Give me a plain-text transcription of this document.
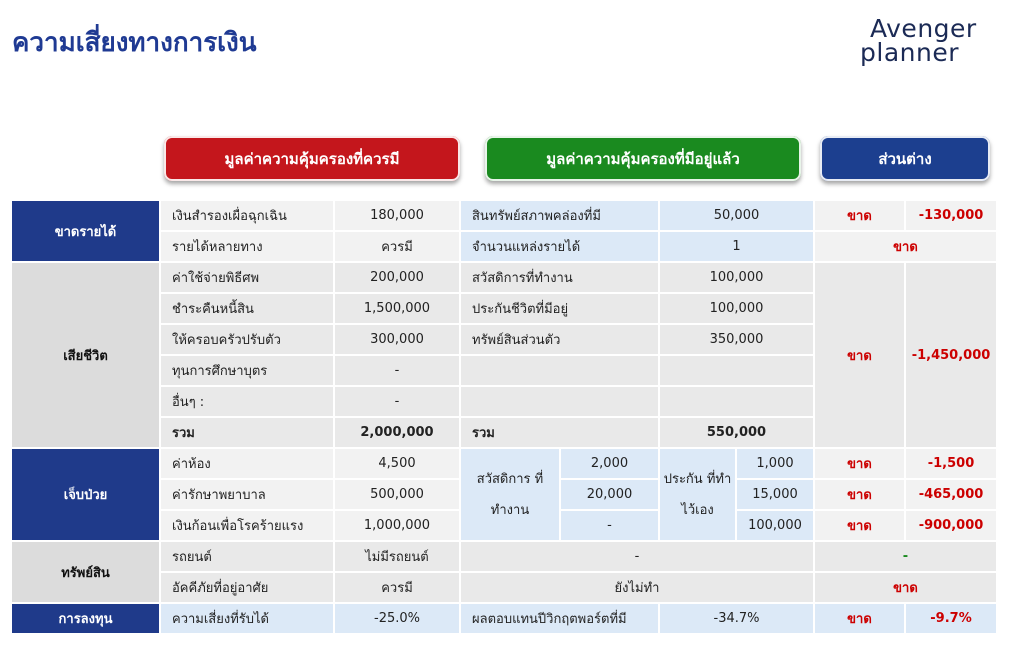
ความเสี่ยงทางการเงิน	Avenger
planner
มูลค่าความคุ้มครองที่ควรมี	มูลค่าความคุ้มครองที่มีอยู่แล้ว	ส่วนต่าง
ขาดรายได้
เงินสำรองเผื่อฉุกเฉิน	180,000	สินทรัพย์สภาพคล่องที่มี	50,000	ขาด	-130,000
รายได้หลายทาง	ควรมี	จำนวนแหล่งรายได้	1	ขาด
เสียชีวิต
ค่าใช้จ่ายพิธีศพ	200,000	สวัสดิการที่ทำงาน	100,000
ชำระคืนหนี้สิน	1,500,000	ประกันชีวิตที่มีอยู่	100,000
ให้ครอบครัวปรับตัว	300,000	ทรัพย์สินส่วนตัว	350,000
ทุนการศึกษาบุตร	-
อื่นๆ :	-
รวม	2,000,000	รวม	550,000
ขาด	-1,450,000
เจ็บป่วย
สวัสดิการ ที่ทำงาน
ประกัน ที่ทำไว้เอง
ค่าห้อง	4,500	2,000	1,000	ขาด	-1,500
ค่ารักษาพยาบาล	500,000	20,000	15,000	ขาด	-465,000
เงินก้อนเพื่อโรคร้ายแรง	1,000,000	-	100,000	ขาด	-900,000
ทรัพย์สิน
รถยนต์	ไม่มีรถยนต์	-	-
อัคคีภัยที่อยู่อาศัย	ควรมี	ยังไม่ทำ	ขาด
การลงทุน	ความเสี่ยงที่รับได้	-25.0%	ผลตอบแทนปีวิกฤตพอร์ตที่มี	-34.7%	ขาด	-9.7%
